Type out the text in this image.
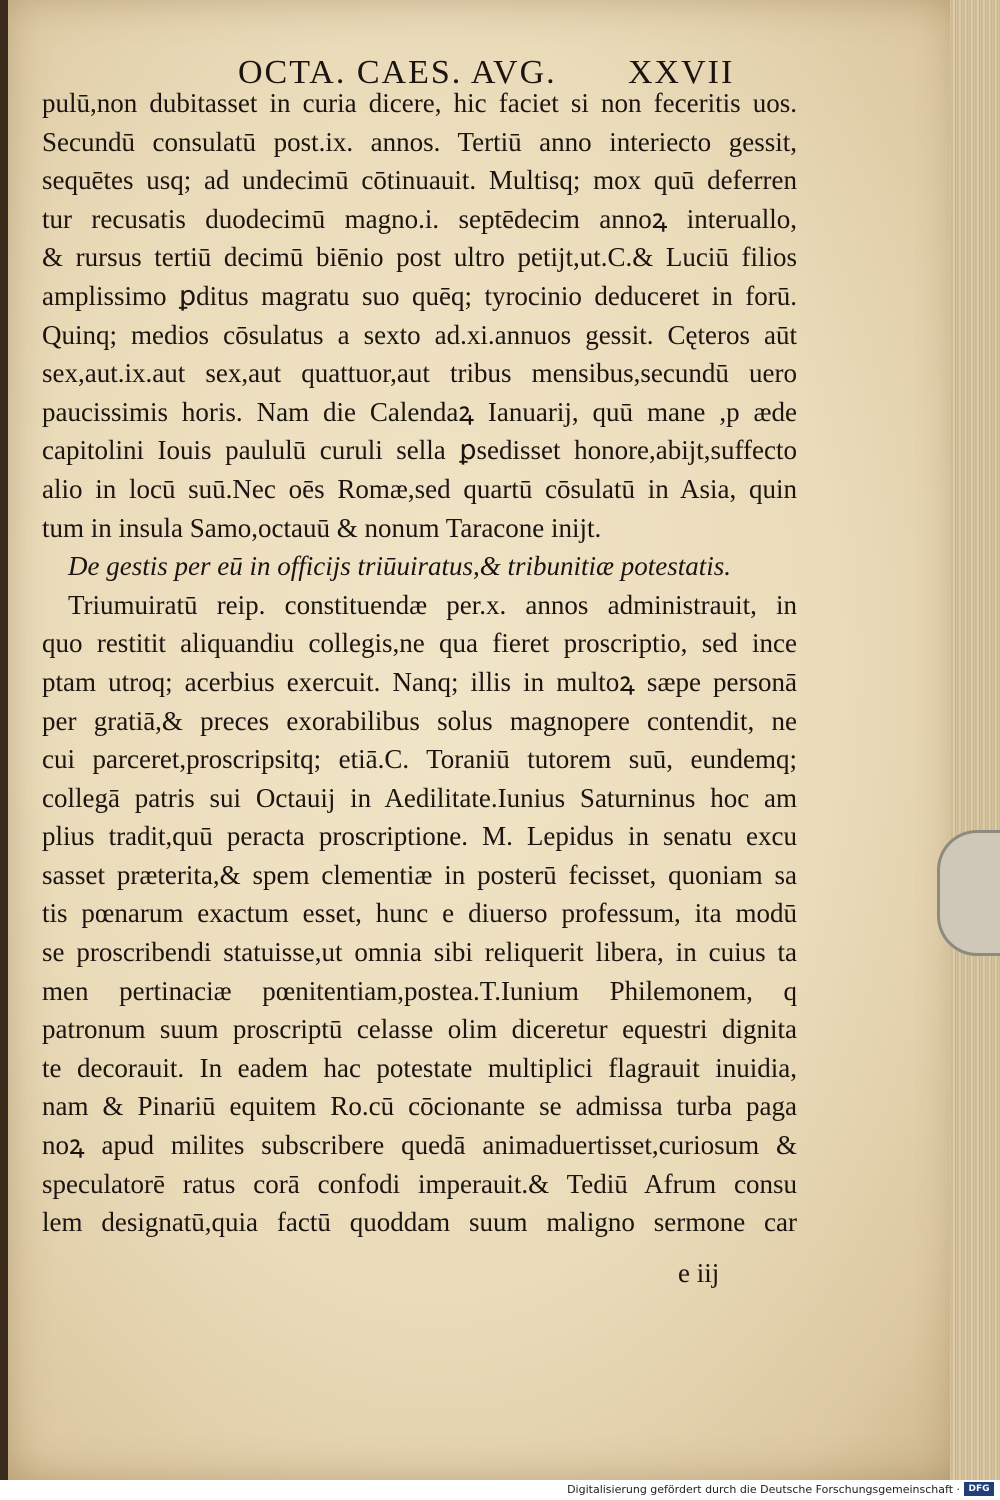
OCTA. CAES. AVG. XXVII
pulū,non dubitasset in curia dicere, hic faciet si non feceritis uos.
Secundū consulatū post.ix. annos. Tertiū anno interiecto gessit,
sequētes usq; ad undecimū cōtinuauit. Multisq; mox quū deferren
tur recusatis duodecimū magno.i. septēdecim annoꝝ interuallo,
& rursus tertiū decimū biēnio post ultro petijt,ut.C.& Luciū filios
amplissimo ꝑditus magratu suo quēq; tyrocinio deduceret in forū.
Quinq; medios cōsulatus a sexto ad.xi.annuos gessit. Cęteros aūt
sex,aut.ix.aut sex,aut quattuor,aut tribus mensibus,secundū uero
paucissimis horis. Nam die Calendaꝝ Ianuarij, quū mane ,p æde
capitolini Iouis paululū curuli sella ꝑsedisset honore,abijt,suffecto
alio in locū suū.Nec oēs Romæ,sed quartū cōsulatū in Asia, quin
tum in insula Samo,octauū & nonum Taracone inijt.
De gestis per eū in officijs triūuiratus,& tribunitiæ potestatis.
Triumuiratū reip. constituendæ per.x. annos administrauit, in
quo restitit aliquandiu collegis,ne qua fieret proscriptio, sed ince
ptam utroq; acerbius exercuit. Nanq; illis in multoꝝ sæpe personā
per gratiā,& preces exorabilibus solus magnopere contendit, ne
cui parceret,proscripsitq; etiā.C. Toraniū tutorem suū, eundemq;
collegā patris sui Octauij in Aedilitate.Iunius Saturninus hoc am
plius tradit,quū peracta proscriptione. M. Lepidus in senatu excu
sasset præterita,& spem clementiæ in posterū fecisset, quoniam sa
tis pœnarum exactum esset, hunc e diuerso professum, ita modū
se proscribendi statuisse,ut omnia sibi reliquerit libera, in cuius ta
men pertinaciæ pœnitentiam,postea.T.Iunium Philemonem, q
patronum suum proscriptū celasse olim diceretur equestri dignita
te decorauit. In eadem hac potestate multiplici flagrauit inuidia,
nam & Pinariū equitem Ro.cū cōcionante se admissa turba paga
noꝝ apud milites subscribere quedā animaduertisset,curiosum &
speculatorē ratus corā confodi imperauit.& Tediū Afrum consu
lem designatū,quia factū quoddam suum maligno sermone car
e iij
Digitalisierung gefördert durch die Deutsche Forschungsgemeinschaft · DFG
